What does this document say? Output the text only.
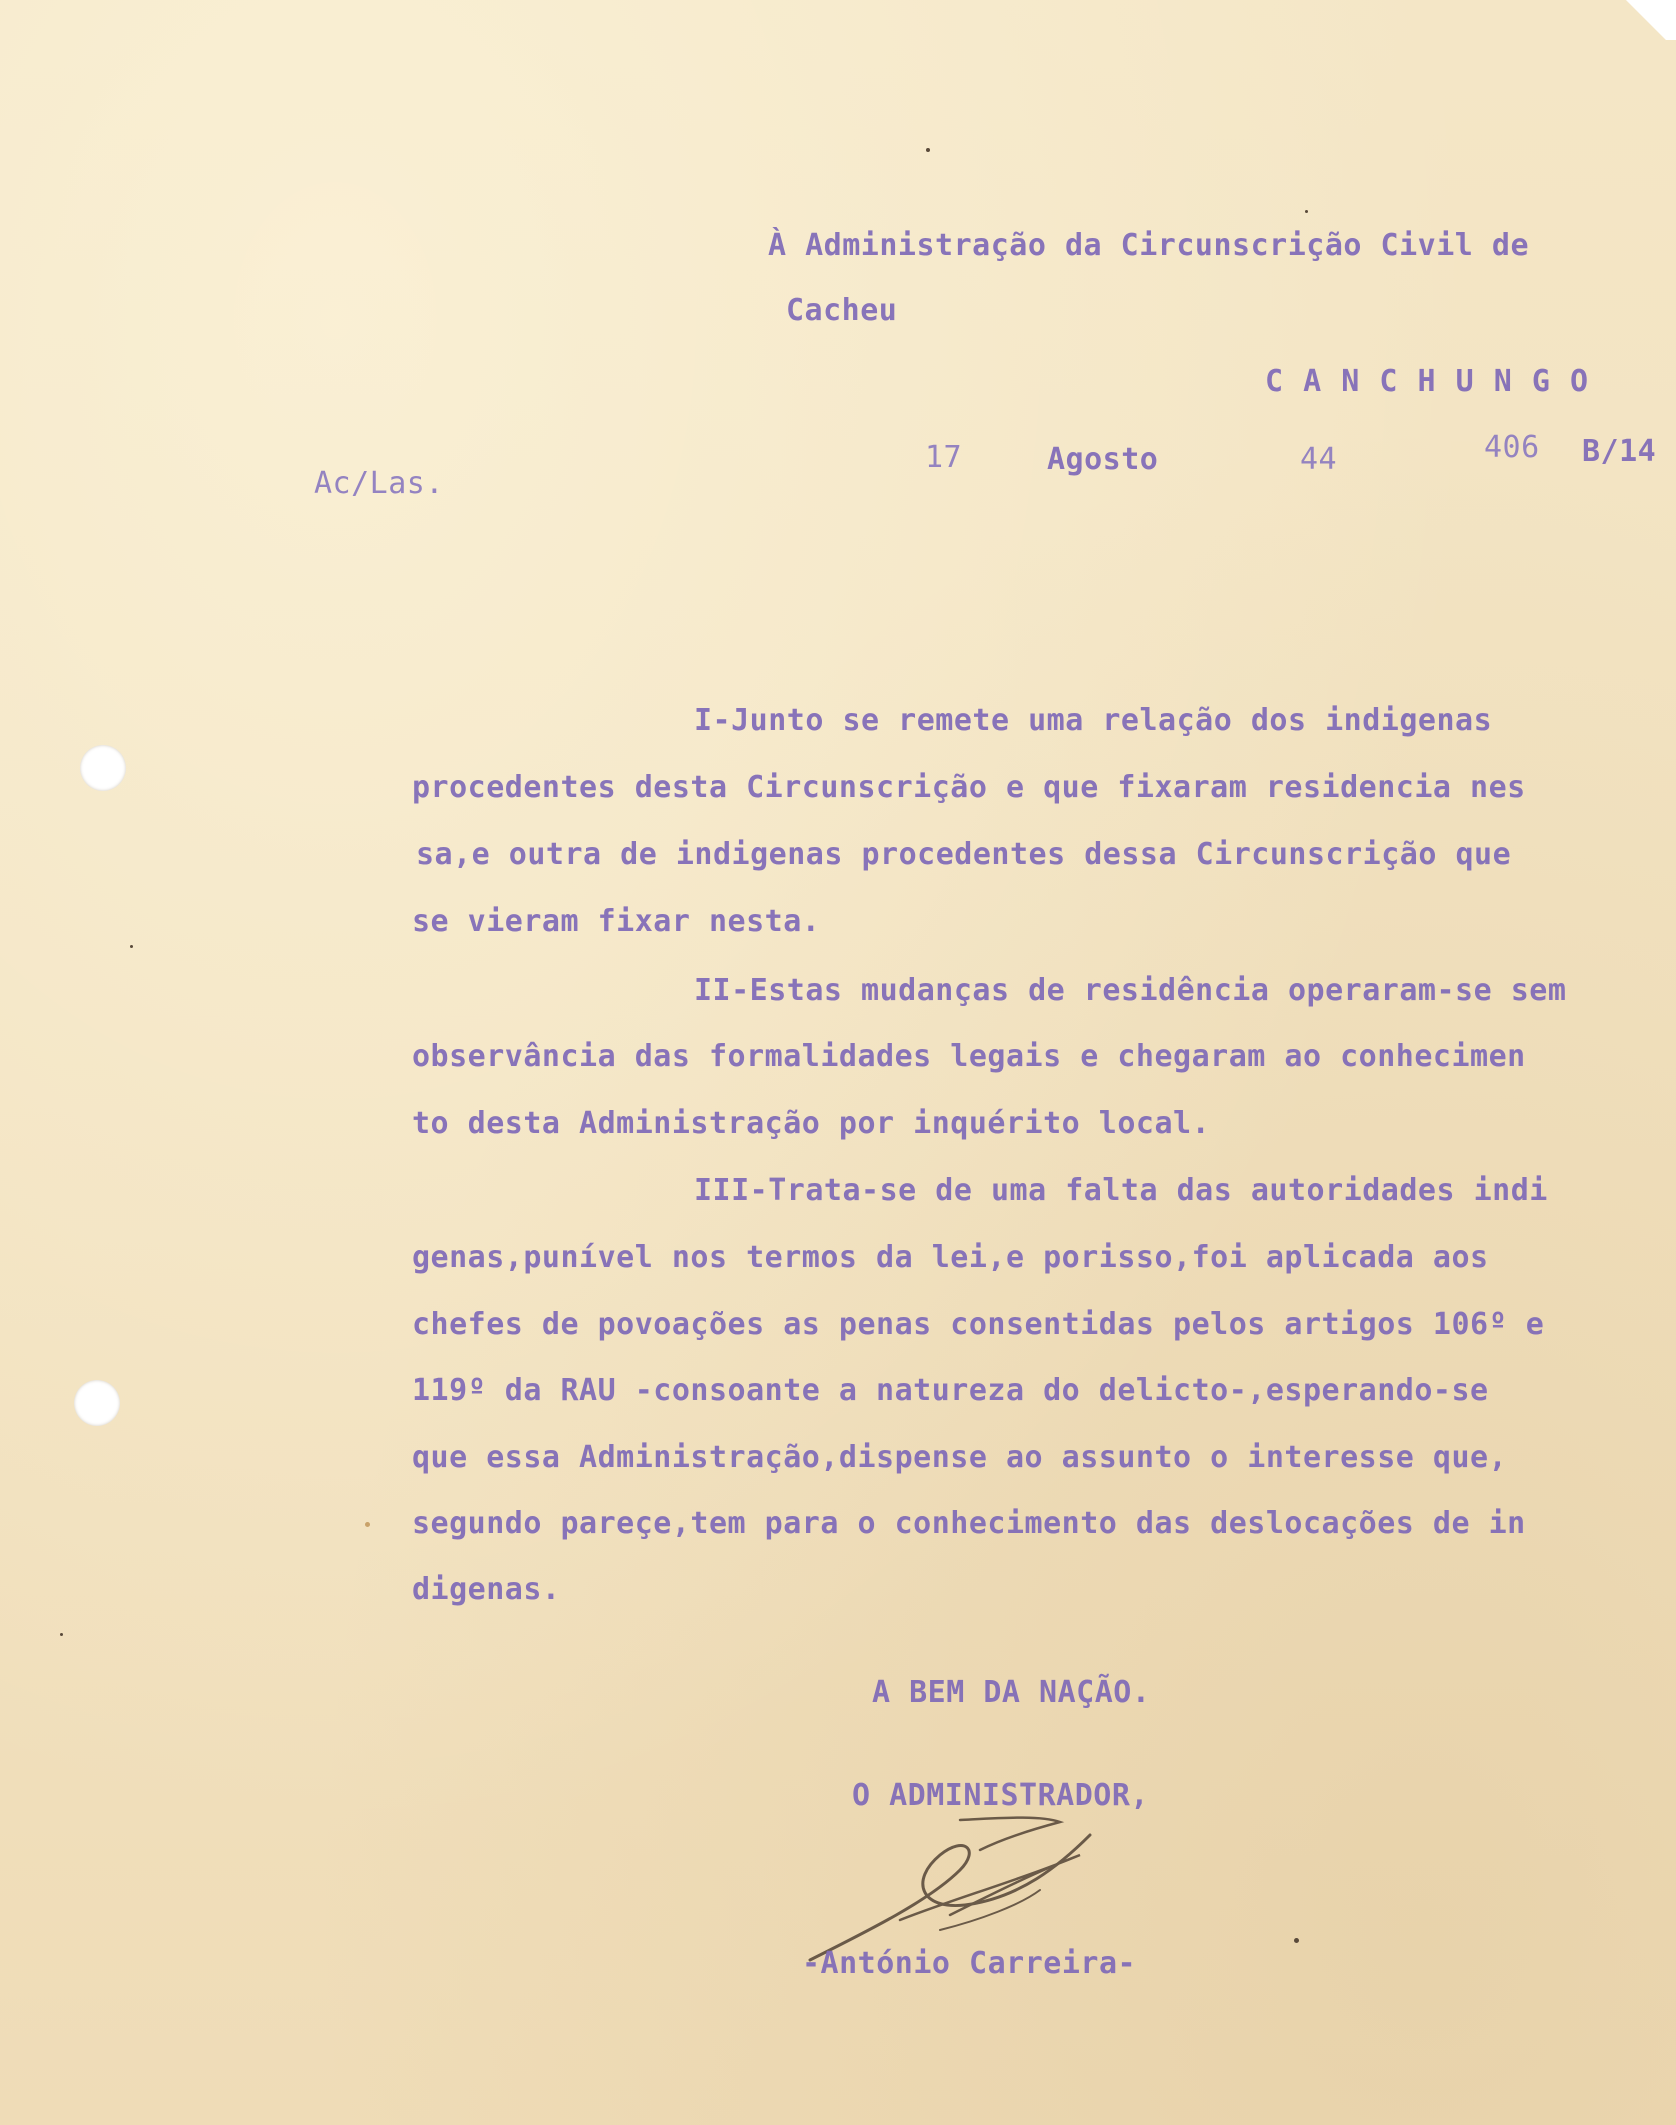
À Administração da Circunscrição Civil de
Cacheu
C A N C H U N G O
Ac/Las.
17	Agosto	44	406 B/14
I-Junto se remete uma relação dos indigenas
procedentes desta Circunscrição e que fixaram residencia nes
sa,e outra de indigenas procedentes dessa Circunscrição que
se vieram fixar nesta.
II-Estas mudanças de residência operaram-se sem
observância das formalidades legais e chegaram ao conhecimen
to desta Administração por inquérito local.
III-Trata-se de uma falta das autoridades indi
genas,punível nos termos da lei,e porisso,foi aplicada aos
chefes de povoações as penas consentidas pelos artigos 106º e
119º da RAU -consoante a natureza do delicto-,esperando-se
que essa Administração,dispense ao assunto o interesse que,
segundo pareçe,tem para o conhecimento das deslocações de in
digenas.
A BEM DA NAÇÃO.
O ADMINISTRADOR,
-António Carreira-
